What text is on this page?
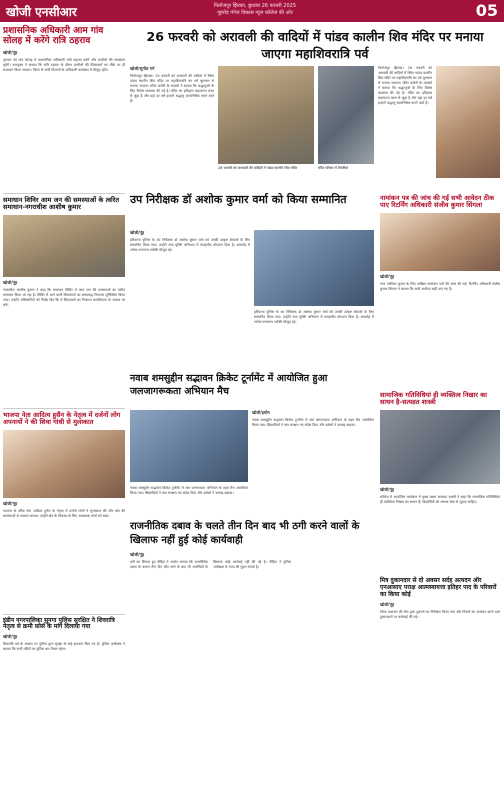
खोजी एनसीआर	फिरोजपुर झिरका, बुधवार 26 फरवरी 2025
नूहरोड़ गंगेज विकास न्यूज कॉलेज की ओर	05
प्रशासनिक अधिकारी आम गांव सोलह में करेंगे रात्रि ठहराव
खोजी/नूंह
गुरुवार को गांव सोलह में प्रशासनिक अधिकारी रात्रि ठहराव करेंगे और ग्रामीणों की समस्याएं सुनेंगे। उपायुक्त ने बताया कि रात्रि ठहराव के दौरान ग्रामीणों की शिकायतों का मौके पर ही समाधान किया जाएगा। जिला के सभी विभागों के अधिकारी कार्यक्रम में मौजूद रहेंगे।
समाधान शिविर आम जन की समस्याओं के त्वरित समाधान-नगराधीश आशीष कुमार
खोजी/नूंह
नगराधीश आशीष कुमार ने कहा कि समाधान शिविर में आम जन की समस्याओं का त्वरित समाधान किया जा रहा है। शिविर में आने वाली शिकायतों का समयबद्ध निपटारा सुनिश्चित किया जाए। उन्होंने अधिकारियों को निर्देश दिए कि वे शिकायतों का निपटारा प्राथमिकता के आधार पर करें।
भाजपा नेता आदित्य हुसैन के नेतृत्व में दर्जनों लोग अपनायों ने की शिवा गांधी से मुलाकात
खोजी/नूंह
भाजपा के वरिष्ठ नेता आदित्य हुसैन के नेतृत्व में दर्जनों लोगों ने मुलाकात की और क्षेत्र की समस्याओं से अवगत कराया। उन्होंने क्षेत्र के विकास के लिए आवश्यक मांगों को रखा।
इंडीन नगरपालिका सुनगा पुलिस सुरक्षित ने शिवरात्रि नेतृत्व से क्रमी फ़ोर्स के मांग दिलाया गया
खोजी/नूंह
शिवरात्रि पर्व के अवसर पर पुलिस द्वारा सुरक्षा के कड़े इंतजाम किए गए हैं। पुलिस अधीक्षक ने बताया कि सभी मंदिरों पर पुलिस बल तैनात रहेगा।
26 फरवरी को अरावली की वादियों में पांडव कालीन शिव मंदिर पर मनाया जाएगा महाशिवरात्रि पर्व
खोजी/सुनील गर्ग
फिरोजपुर झिरका। 26 फरवरी को अरावली की वादियों में स्थित पांडव कालीन शिव मंदिर पर महाशिवरात्रि का पर्व धूमधाम से मनाया जाएगा। मंदिर कमेटी के सदस्यों ने बताया कि श्रद्धालुओं के लिए विशेष व्यवस्था की गई है। मंदिर का इतिहास महाभारत काल से जुड़ा है और यहां हर वर्ष हजारों श्रद्धालु जलाभिषेक करने आते हैं।
26 फरवरी को अरावली की वादियों में पांडव कालीन शिव मंदिर	मंदिर परिसर में तैयारियां
फिरोजपुर झिरका। 26 फरवरी को अरावली की वादियों में स्थित पांडव कालीन शिव मंदिर पर महाशिवरात्रि का पर्व धूमधाम से मनाया जाएगा। मंदिर कमेटी के सदस्यों ने बताया कि श्रद्धालुओं के लिए विशेष व्यवस्था की गई है। मंदिर का इतिहास महाभारत काल से जुड़ा है और यहां हर वर्ष हजारों श्रद्धालु जलाभिषेक करने आते हैं।
उप निरीक्षक डॉ अशोक कुमार वर्मा को किया सम्मानित
खोजी/नूंह
हरियाणा पुलिस के उप निरीक्षक डॉ अशोक कुमार वर्मा को उनकी उत्कृष्ट सेवाओं के लिए सम्मानित किया गया। उन्होंने नशा मुक्ति अभियान में सराहनीय योगदान दिया है। समारोह में अनेक गणमान्य व्यक्ति मौजूद रहे।
हरियाणा पुलिस के उप निरीक्षक डॉ अशोक कुमार वर्मा को उनकी उत्कृष्ट सेवाओं के लिए सम्मानित किया गया। उन्होंने नशा मुक्ति अभियान में सराहनीय योगदान दिया है। समारोह में अनेक गणमान्य व्यक्ति मौजूद रहे।
नामांकन पत्र की जांच की गई सभी आवेदन ठीक पाए रिटर्निंग अधिकारी संजीव कुमार सिंगला
खोजी/नूंह
नगर पालिका चुनाव के लिए दाखिल नामांकन पत्रों की जांच की गई। रिटर्निंग अधिकारी संजीव कुमार सिंगला ने बताया कि सभी आवेदन सही पाए गए हैं।
नवाब शमसुद्दीन सद्भावन क्रिकेट टूर्नामेंट में आयोजित हुआ जलजागरूकता अभियान मैच
खोजी/हथीन
नवाब शमसुद्दीन सद्भावन क्रिकेट टूर्नामेंट में जल जागरूकता अभियान के तहत मैच आयोजित किया गया। खिलाड़ियों ने जल संरक्षण का संदेश दिया और दर्शकों ने उत्साह बढ़ाया।
नवाब शमसुद्दीन सद्भावन क्रिकेट टूर्नामेंट में जल जागरूकता अभियान के तहत मैच आयोजित किया गया। खिलाड़ियों ने जल संरक्षण का संदेश दिया और दर्शकों ने उत्साह बढ़ाया।
सामाजिक गतिविधियां ही व्यक्तित्व निखार का साधन है-सत्यव्रत शास्त्री
खोजी/नूंह
कॉलेज में आयोजित कार्यक्रम में मुख्य वक्ता सत्यव्रत शास्त्री ने कहा कि सामाजिक गतिविधियां ही व्यक्तित्व निखार का साधन हैं। विद्यार्थियों को समाज सेवा से जुड़ना चाहिए।
राजनीतिक दबाव के चलते तीन दिन बाद भी ठगी करने वालों के खिलाफ नहीं हुई कोई कार्यवाही
खोजी/नूंह
ठगी का शिकार हुए पीड़ित ने आरोप लगाया कि राजनीतिक दबाव के कारण तीन दिन बीत जाने के बाद भी आरोपियों के खिलाफ कोई कार्रवाई नहीं की गई है। पीड़ित ने पुलिस अधीक्षक से न्याय की गुहार लगाई है।
मित्र दुकानदार से दो अवसर सर्दह अत्यदन ऑर एनआसाए पराक्ष आत्मस्वायत्ता इतिहर पाद के परिवारों का किया कोई
खोजी/नूंह
जिला प्रशासन की टीम द्वारा दुकानों का निरीक्षण किया गया और नियमों का उल्लंघन करने वाले दुकानदारों पर कार्रवाई की गई।
